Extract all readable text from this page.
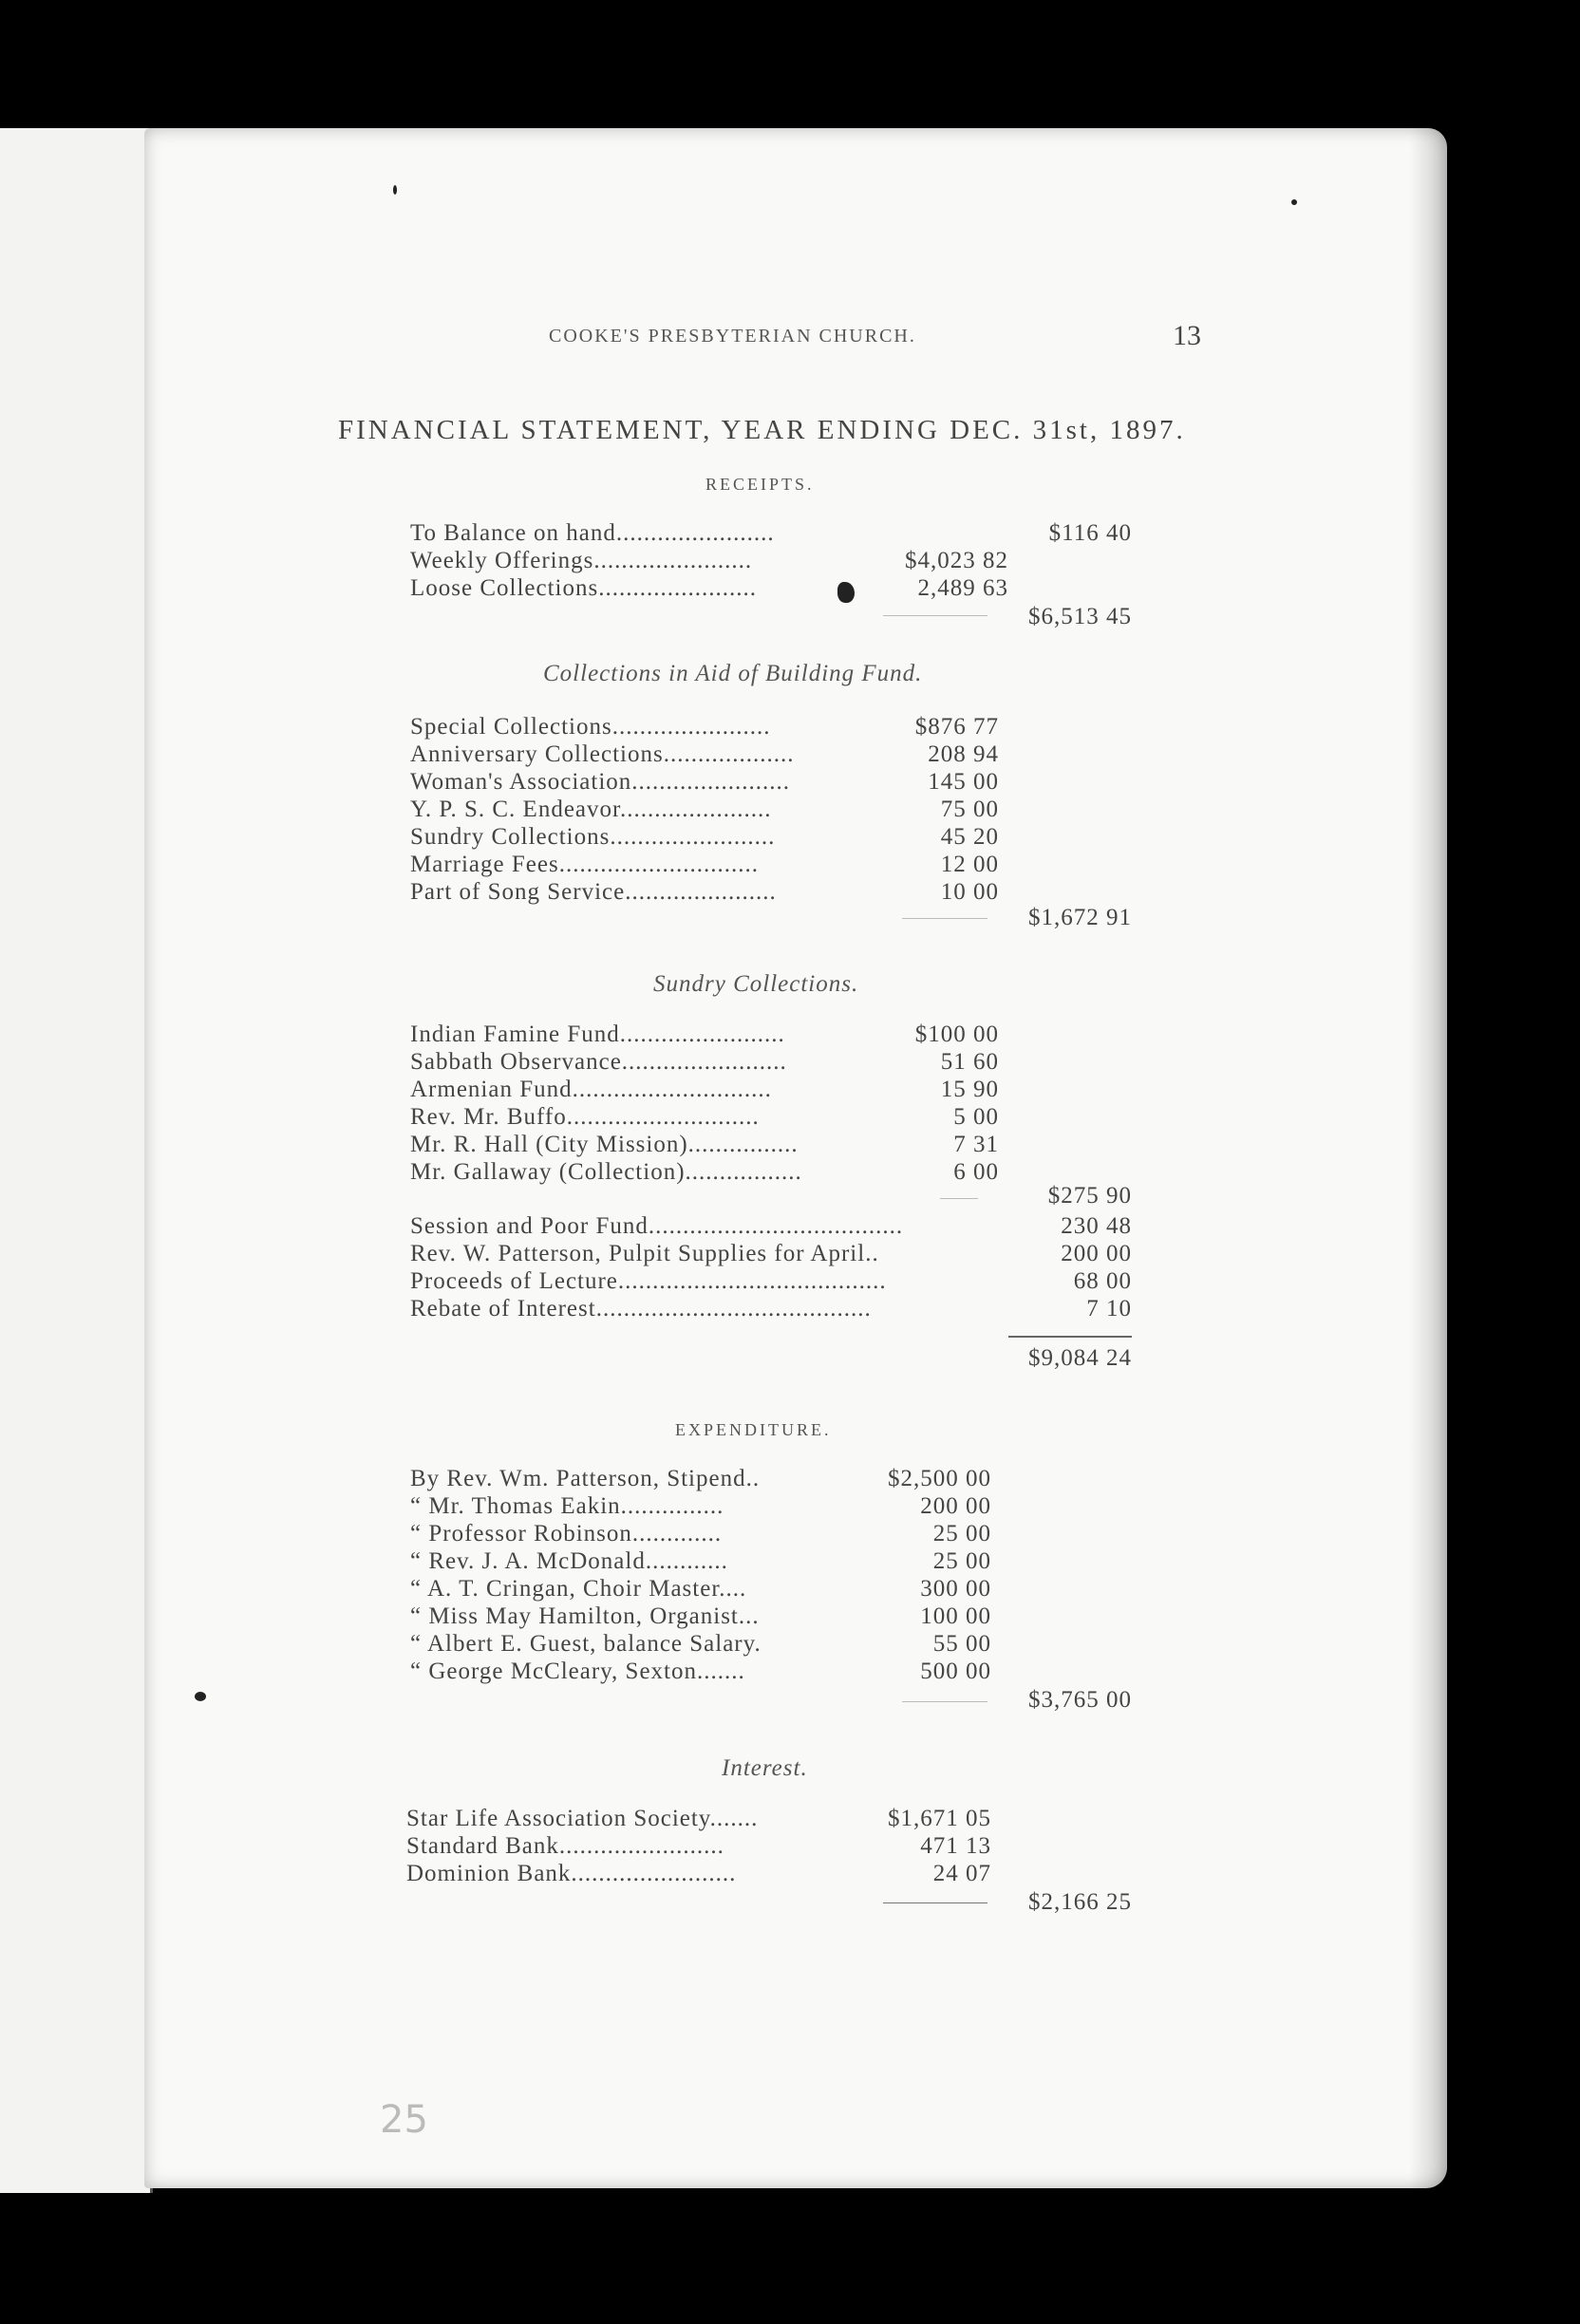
COOKE'S PRESBYTERIAN CHURCH.	13
FINANCIAL STATEMENT, YEAR ENDING DEC. 31st, 1897.
RECEIPTS.
To Balance on hand.......................	$116 40
Weekly Offerings.......................	$4,023 82
Loose Collections.......................	2,489 63
$6,513 45
Collections in Aid of Building Fund.
Special Collections.......................	$876 77
Anniversary Collections...................	208 94
Woman's Association.......................	145 00
Y. P. S. C. Endeavor......................	75 00
Sundry Collections........................	45 20
Marriage Fees.............................	12 00
Part of Song Service......................	10 00
$1,672 91
Sundry Collections.
Indian Famine Fund........................	$100 00
Sabbath Observance........................	51 60
Armenian Fund.............................	15 90
Rev. Mr. Buffo............................	5 00
Mr. R. Hall (City Mission)................	7 31
Mr. Gallaway (Collection).................	6 00
$275 90
Session and Poor Fund.....................................	230 48
Rev. W. Patterson, Pulpit Supplies for April..	200 00
Proceeds of Lecture.......................................	68 00
Rebate of Interest........................................	7 10
$9,084 24
EXPENDITURE.
By Rev. Wm. Patterson, Stipend..	$2,500 00
“ Mr. Thomas Eakin...............	200 00
“ Professor Robinson.............	25 00
“ Rev. J. A. McDonald............	25 00
“ A. T. Cringan, Choir Master....	300 00
“ Miss May Hamilton, Organist...	100 00
“ Albert E. Guest, balance Salary.	55 00
“ George McCleary, Sexton.......	500 00
$3,765 00
Interest.
Star Life Association Society.......	$1,671 05
Standard Bank........................	471 13
Dominion Bank........................	24 07
$2,166 25
25
